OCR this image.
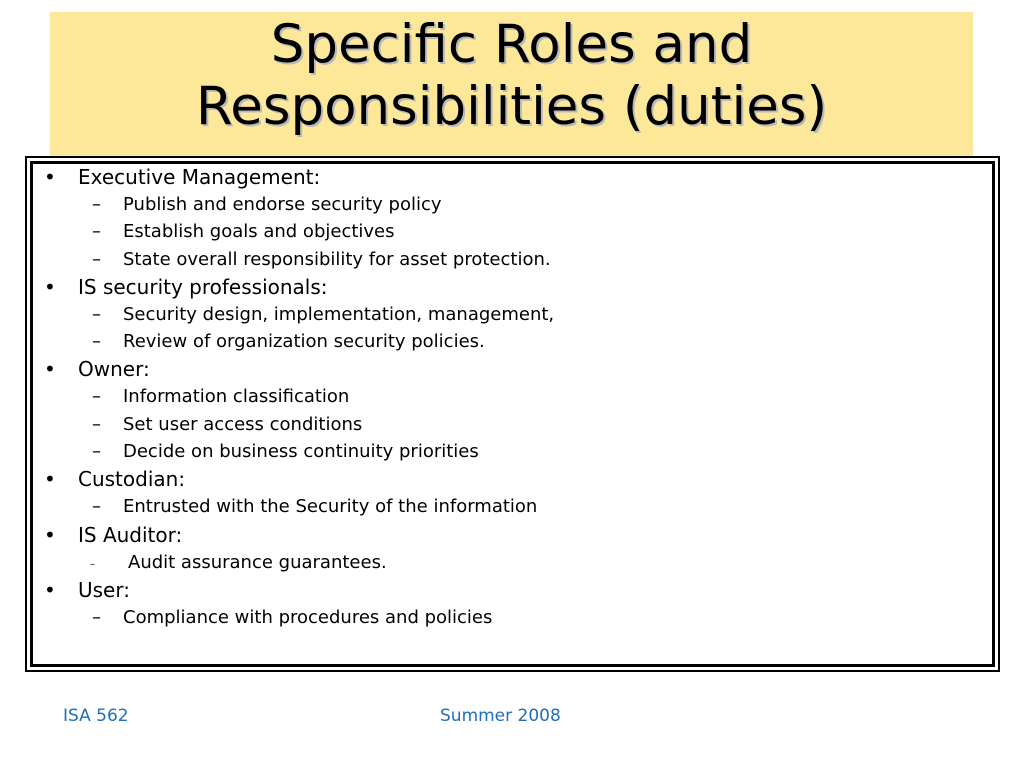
Specific Roles and
Responsibilities (duties)
• Executive Management:
– Publish and endorse security policy
– Establish goals and objectives
– State overall responsibility for asset protection.
• IS security professionals:
– Security design, implementation, management,
– Review of organization security policies.
• Owner:
– Information classification
– Set user access conditions
– Decide on business continuity priorities
• Custodian:
– Entrusted with the Security of the information
• IS Auditor:
– Audit assurance guarantees.
• User:
– Compliance with procedures and policies
ISA 562	Summer 2008
